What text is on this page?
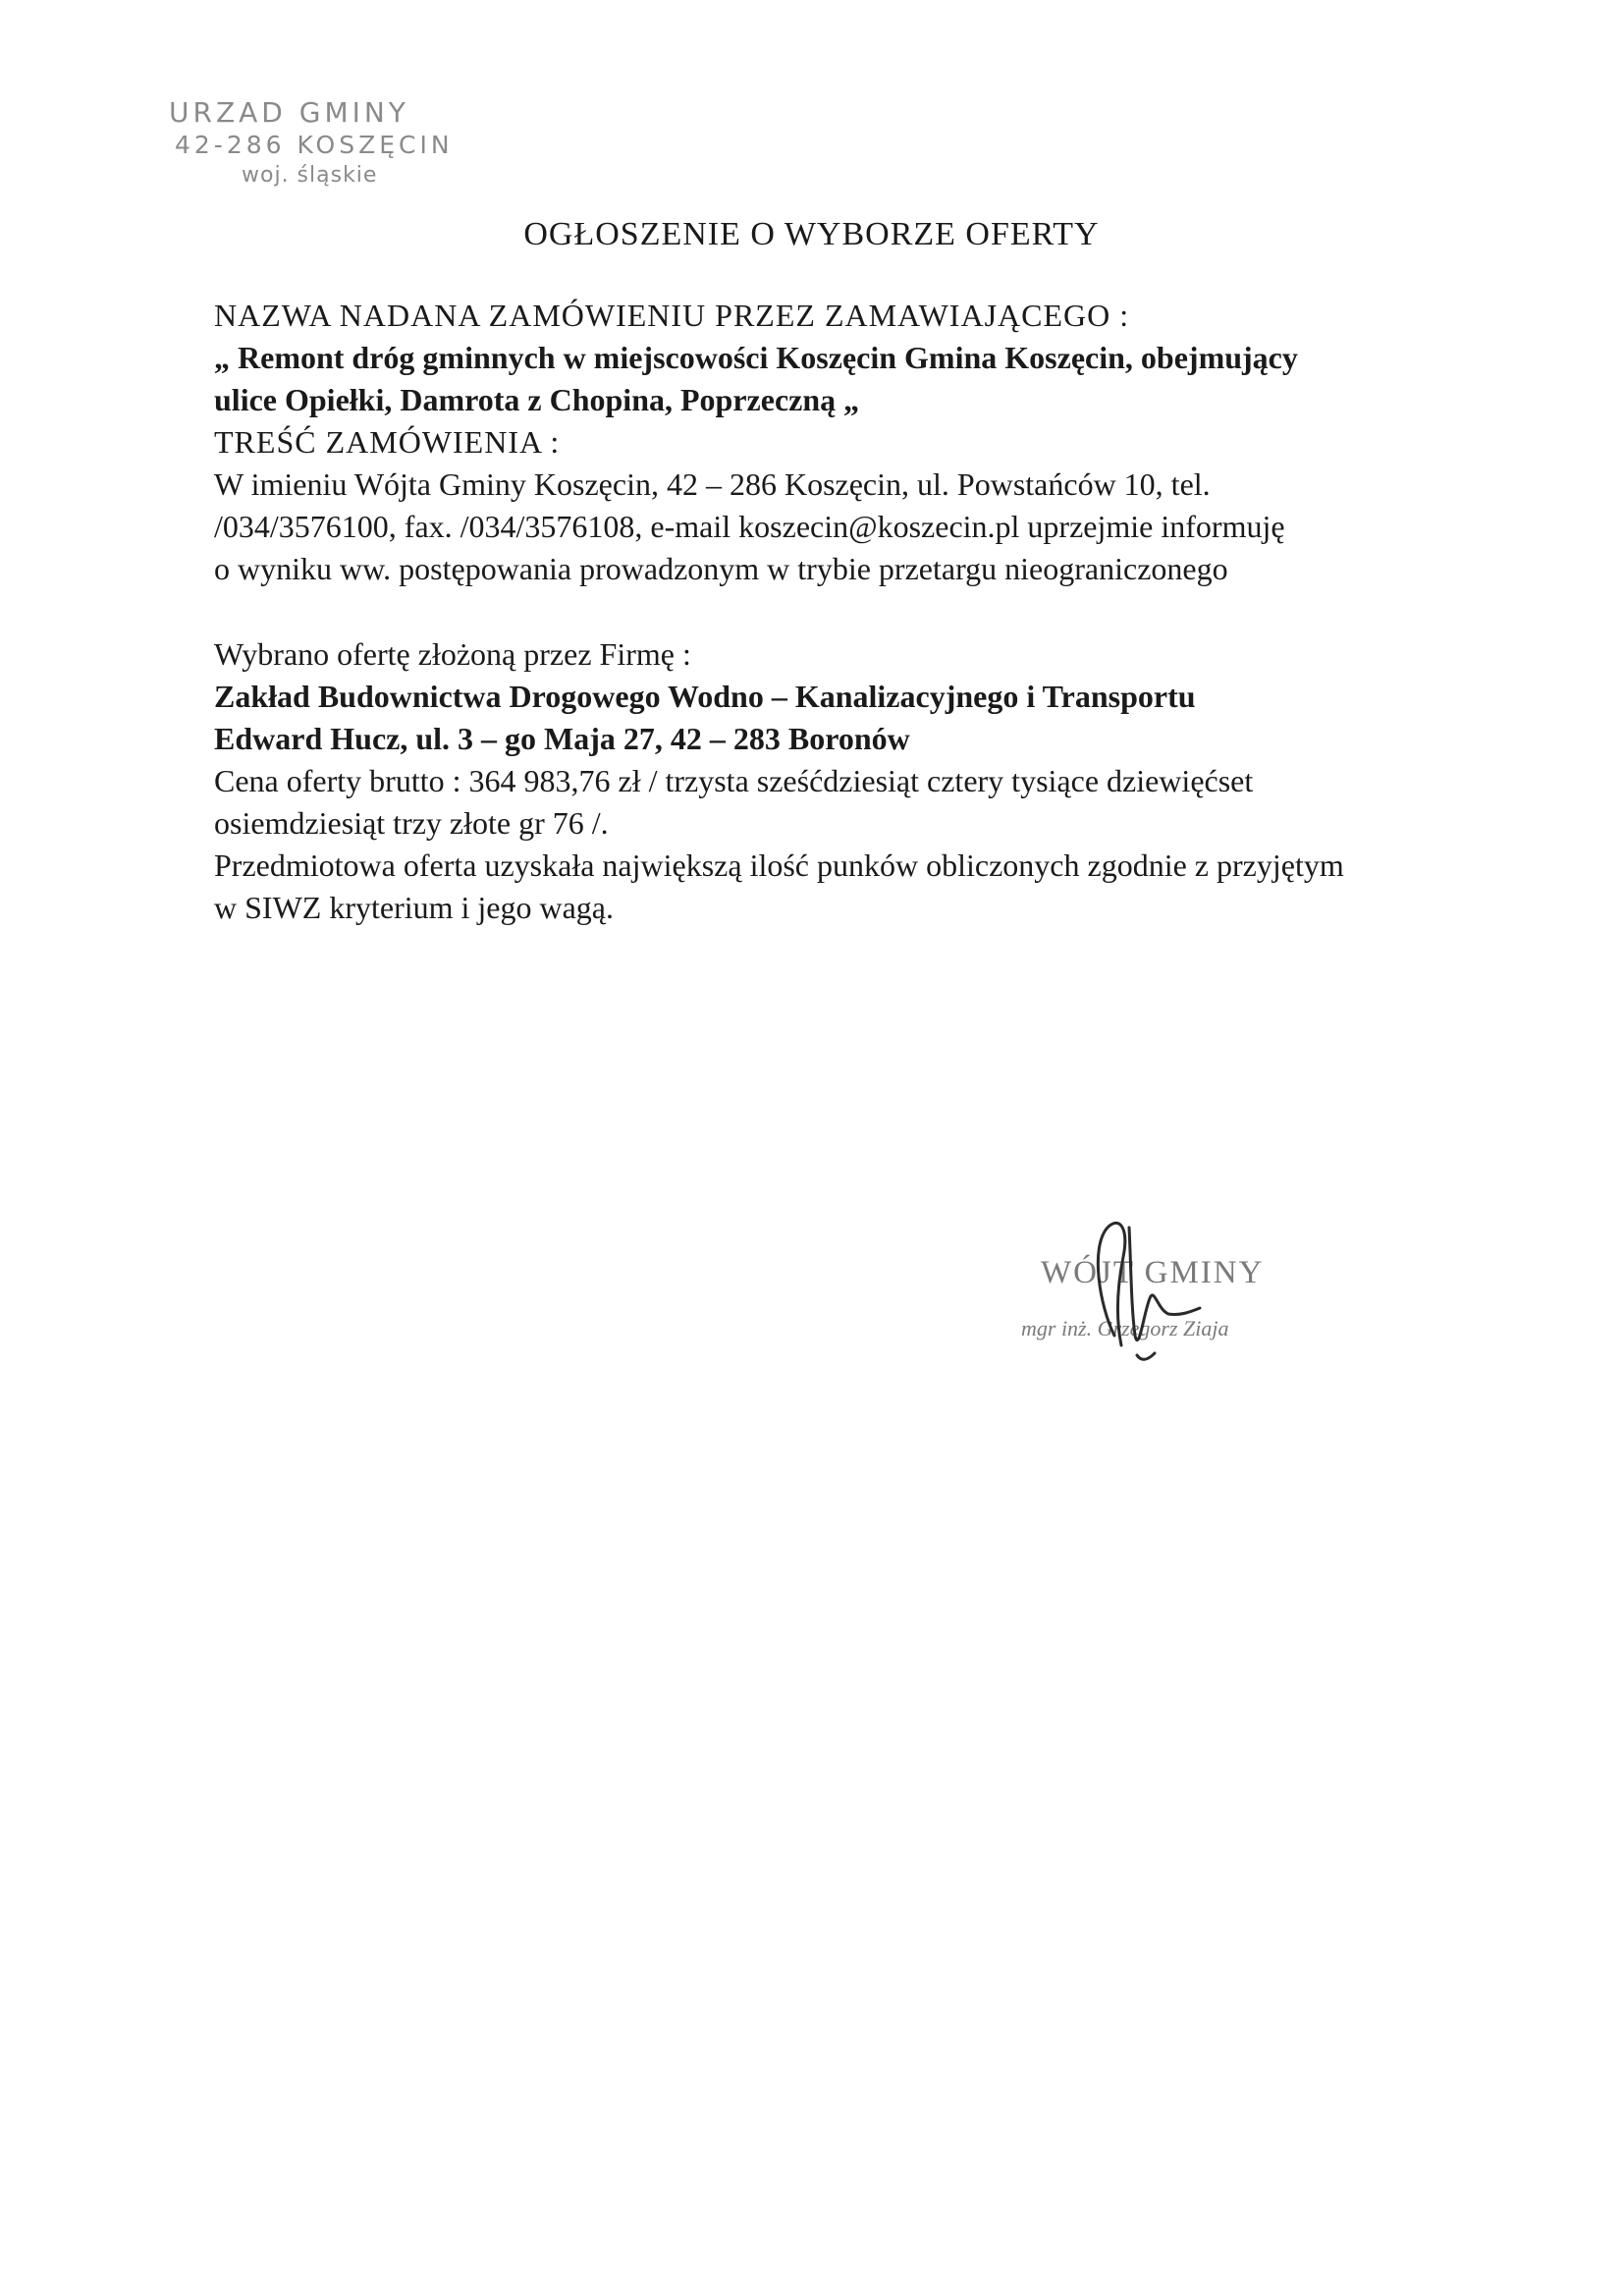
URZAD GMINY
42-286 KOSZĘCIN
woj. śląskie
OGŁOSZENIE O WYBORZE OFERTY
NAZWA NADANA ZAMÓWIENIU PRZEZ ZAMAWIAJĄCEGO :
„ Remont dróg gminnych w miejscowości Koszęcin Gmina Koszęcin, obejmujący
ulice Opiełki, Damrota z Chopina, Poprzeczną „
TREŚĆ ZAMÓWIENIA :
W imieniu Wójta Gminy Koszęcin, 42 – 286 Koszęcin, ul. Powstańców 10, tel.
/034/3576100, fax. /034/3576108, e-mail koszecin@koszecin.pl uprzejmie informuję
o wyniku ww. postępowania prowadzonym w trybie przetargu nieograniczonego
Wybrano ofertę złożoną przez Firmę :
Zakład Budownictwa Drogowego Wodno – Kanalizacyjnego i Transportu
Edward Hucz, ul. 3 – go Maja 27, 42 – 283 Boronów
Cena oferty brutto : 364 983,76 zł / trzysta sześćdziesiąt cztery tysiące dziewięćset
osiemdziesiąt trzy złote gr 76 /.
Przedmiotowa oferta uzyskała największą ilość punków obliczonych zgodnie z przyjętym
w SIWZ kryterium i jego wagą.
WÓJT GMINY
mgr inż. Grzegorz Ziaja
